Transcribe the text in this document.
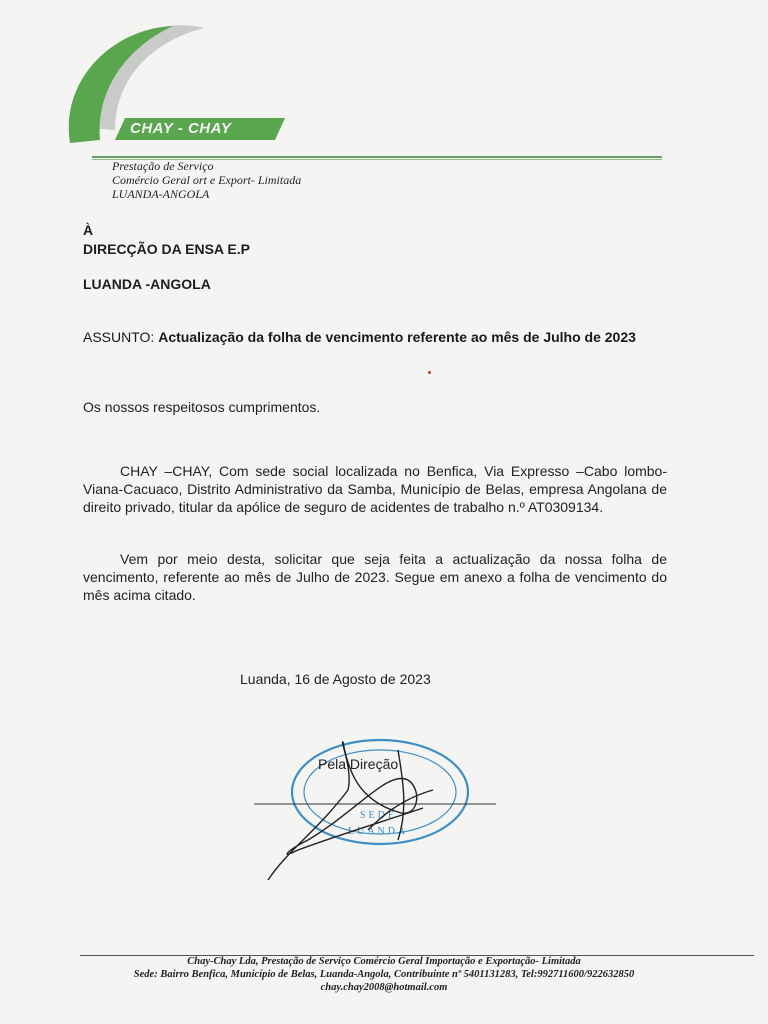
CHAY - CHAY
Prestação de Serviço
Comércio Geral ort e Export- Limitada
LUANDA-ANGOLA
À
DIRECÇÃO DA ENSA E.P
LUANDA -ANGOLA
ASSUNTO: Actualização da folha de vencimento referente ao mês de Julho de 2023
Os nossos respeitosos cumprimentos.
CHAY –CHAY, Com sede social localizada no Benfica, Via Expresso –Cabo lombo-Viana-Cacuaco, Distrito Administrativo da Samba, Município de Belas, empresa Angolana de direito privado, titular da apólice de seguro de acidentes de trabalho n.º AT0309134.
Vem por meio desta, solicitar que seja feita a actualização da nossa folha de vencimento, referente ao mês de Julho de 2023. Segue em anexo a folha de vencimento do mês acima citado.
Luanda, 16 de Agosto de 2023
SEDE
LUANDA
Pela Direção
Chay-Chay Lda, Prestação de Serviço Comércio Geral Importação e Exportação- Limitada
Sede: Bairro Benfica, Município de Belas, Luanda-Angola, Contribuinte nº 5401131283, Tel:992711600/922632850
chay.chay2008@hotmail.com
